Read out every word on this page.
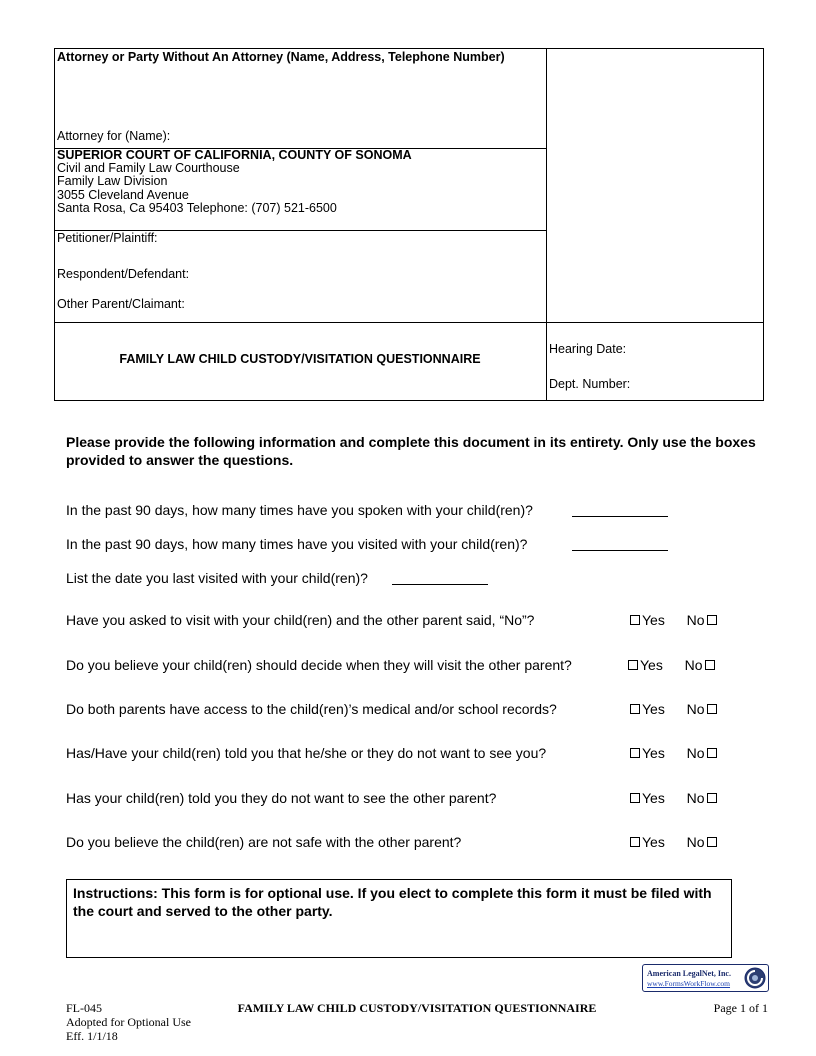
Attorney or Party Without An Attorney (Name, Address, Telephone Number)
Attorney for (Name):
SUPERIOR COURT OF CALIFORNIA, COUNTY OF SONOMA
Civil and Family Law Courthouse
Family Law Division
3055 Cleveland Avenue
Santa Rosa, Ca 95403 Telephone: (707) 521-6500
Petitioner/Plaintiff:
Respondent/Defendant:
Other Parent/Claimant:
FAMILY LAW CHILD CUSTODY/VISITATION QUESTIONNAIRE
Hearing Date:
Dept. Number:
Please provide the following information and complete this document in its entirety. Only use the boxes provided to answer the questions.
In the past 90 days, how many times have you spoken with your child(ren)?
In the past 90 days, how many times have you visited with your child(ren)?
List the date you last visited with your child(ren)?
Have you asked to visit with your child(ren) and the other parent said, “No”?	Yes No
Do you believe your child(ren) should decide when they will visit the other parent?	Yes No
Do both parents have access to the child(ren)’s medical and/or school records?	Yes No
Has/Have your child(ren) told you that he/she or they do not want to see you?	Yes No
Has your child(ren) told you they do not want to see the other parent?	Yes No
Do you believe the child(ren) are not safe with the other parent?	Yes No
Instructions: This form is for optional use. If you elect to complete this form it must be filed with the court and served to the other party.
American LegalNet, Inc.
www.FormsWorkFlow.com
FL-045
Adopted for Optional Use
Eff. 1/1/18
FAMILY LAW CHILD CUSTODY/VISITATION QUESTIONNAIRE	Page 1 of 1
